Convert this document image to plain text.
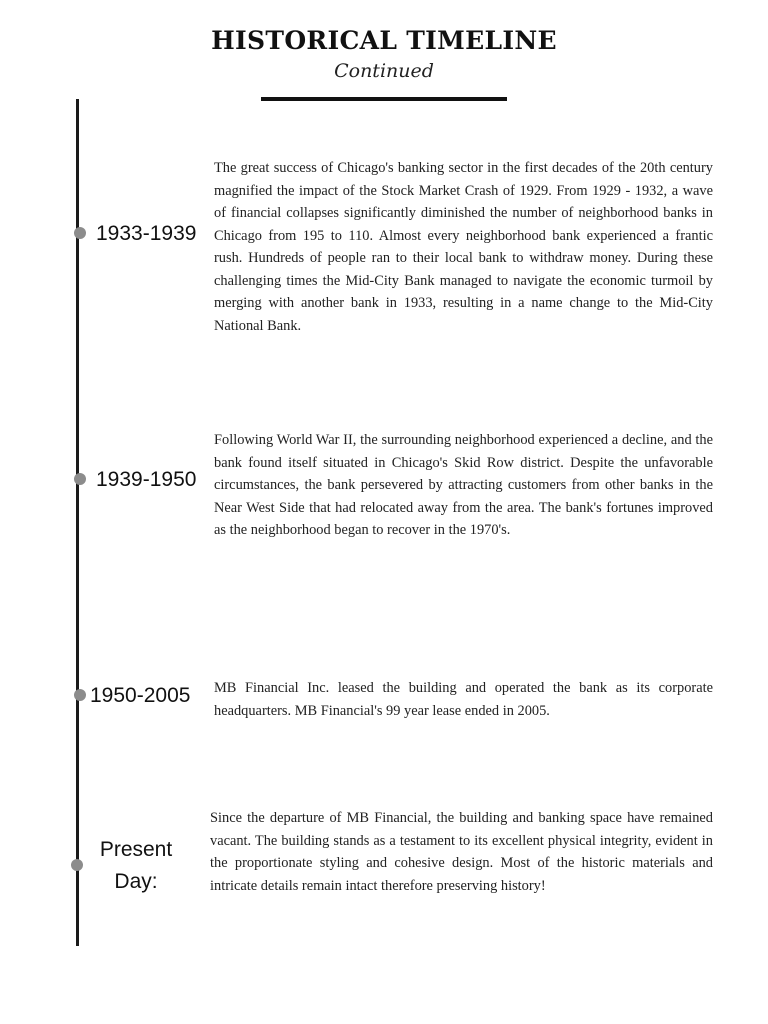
HISTORICAL TIMELINE
Continued
1933-1939

The great success of Chicago's banking sector in the first decades of the 20th century magnified the impact of the Stock Market Crash of 1929. From 1929 - 1932, a wave of financial collapses significantly diminished the number of neighborhood banks in Chicago from 195 to 110. Almost every neighborhood bank experienced a frantic rush. Hundreds of people ran to their local bank to withdraw money. During these challenging times the Mid-City Bank managed to navigate the economic turmoil by merging with another bank in 1933, resulting in a name change to the Mid-City National Bank.

1939-1950

Following World War II, the surrounding neighborhood experienced a decline, and the bank found itself situated in Chicago's Skid Row district. Despite the unfavorable circumstances, the bank persevered by attracting customers from other banks in the Near West Side that had relocated away from the area. The bank's fortunes improved as the neighborhood began to recover in the 1970's.

1950-2005	MB Financial Inc. leased the building and operated the bank as its corporate headquarters. MB Financial's 99 year lease ended in 2005.

Present
Day:

Since the departure of MB Financial, the building and banking space have remained vacant. The building stands as a testament to its excellent physical integrity, evident in the proportionate styling and cohesive design. Most of the historic materials and intricate details remain intact therefore preserving history!
